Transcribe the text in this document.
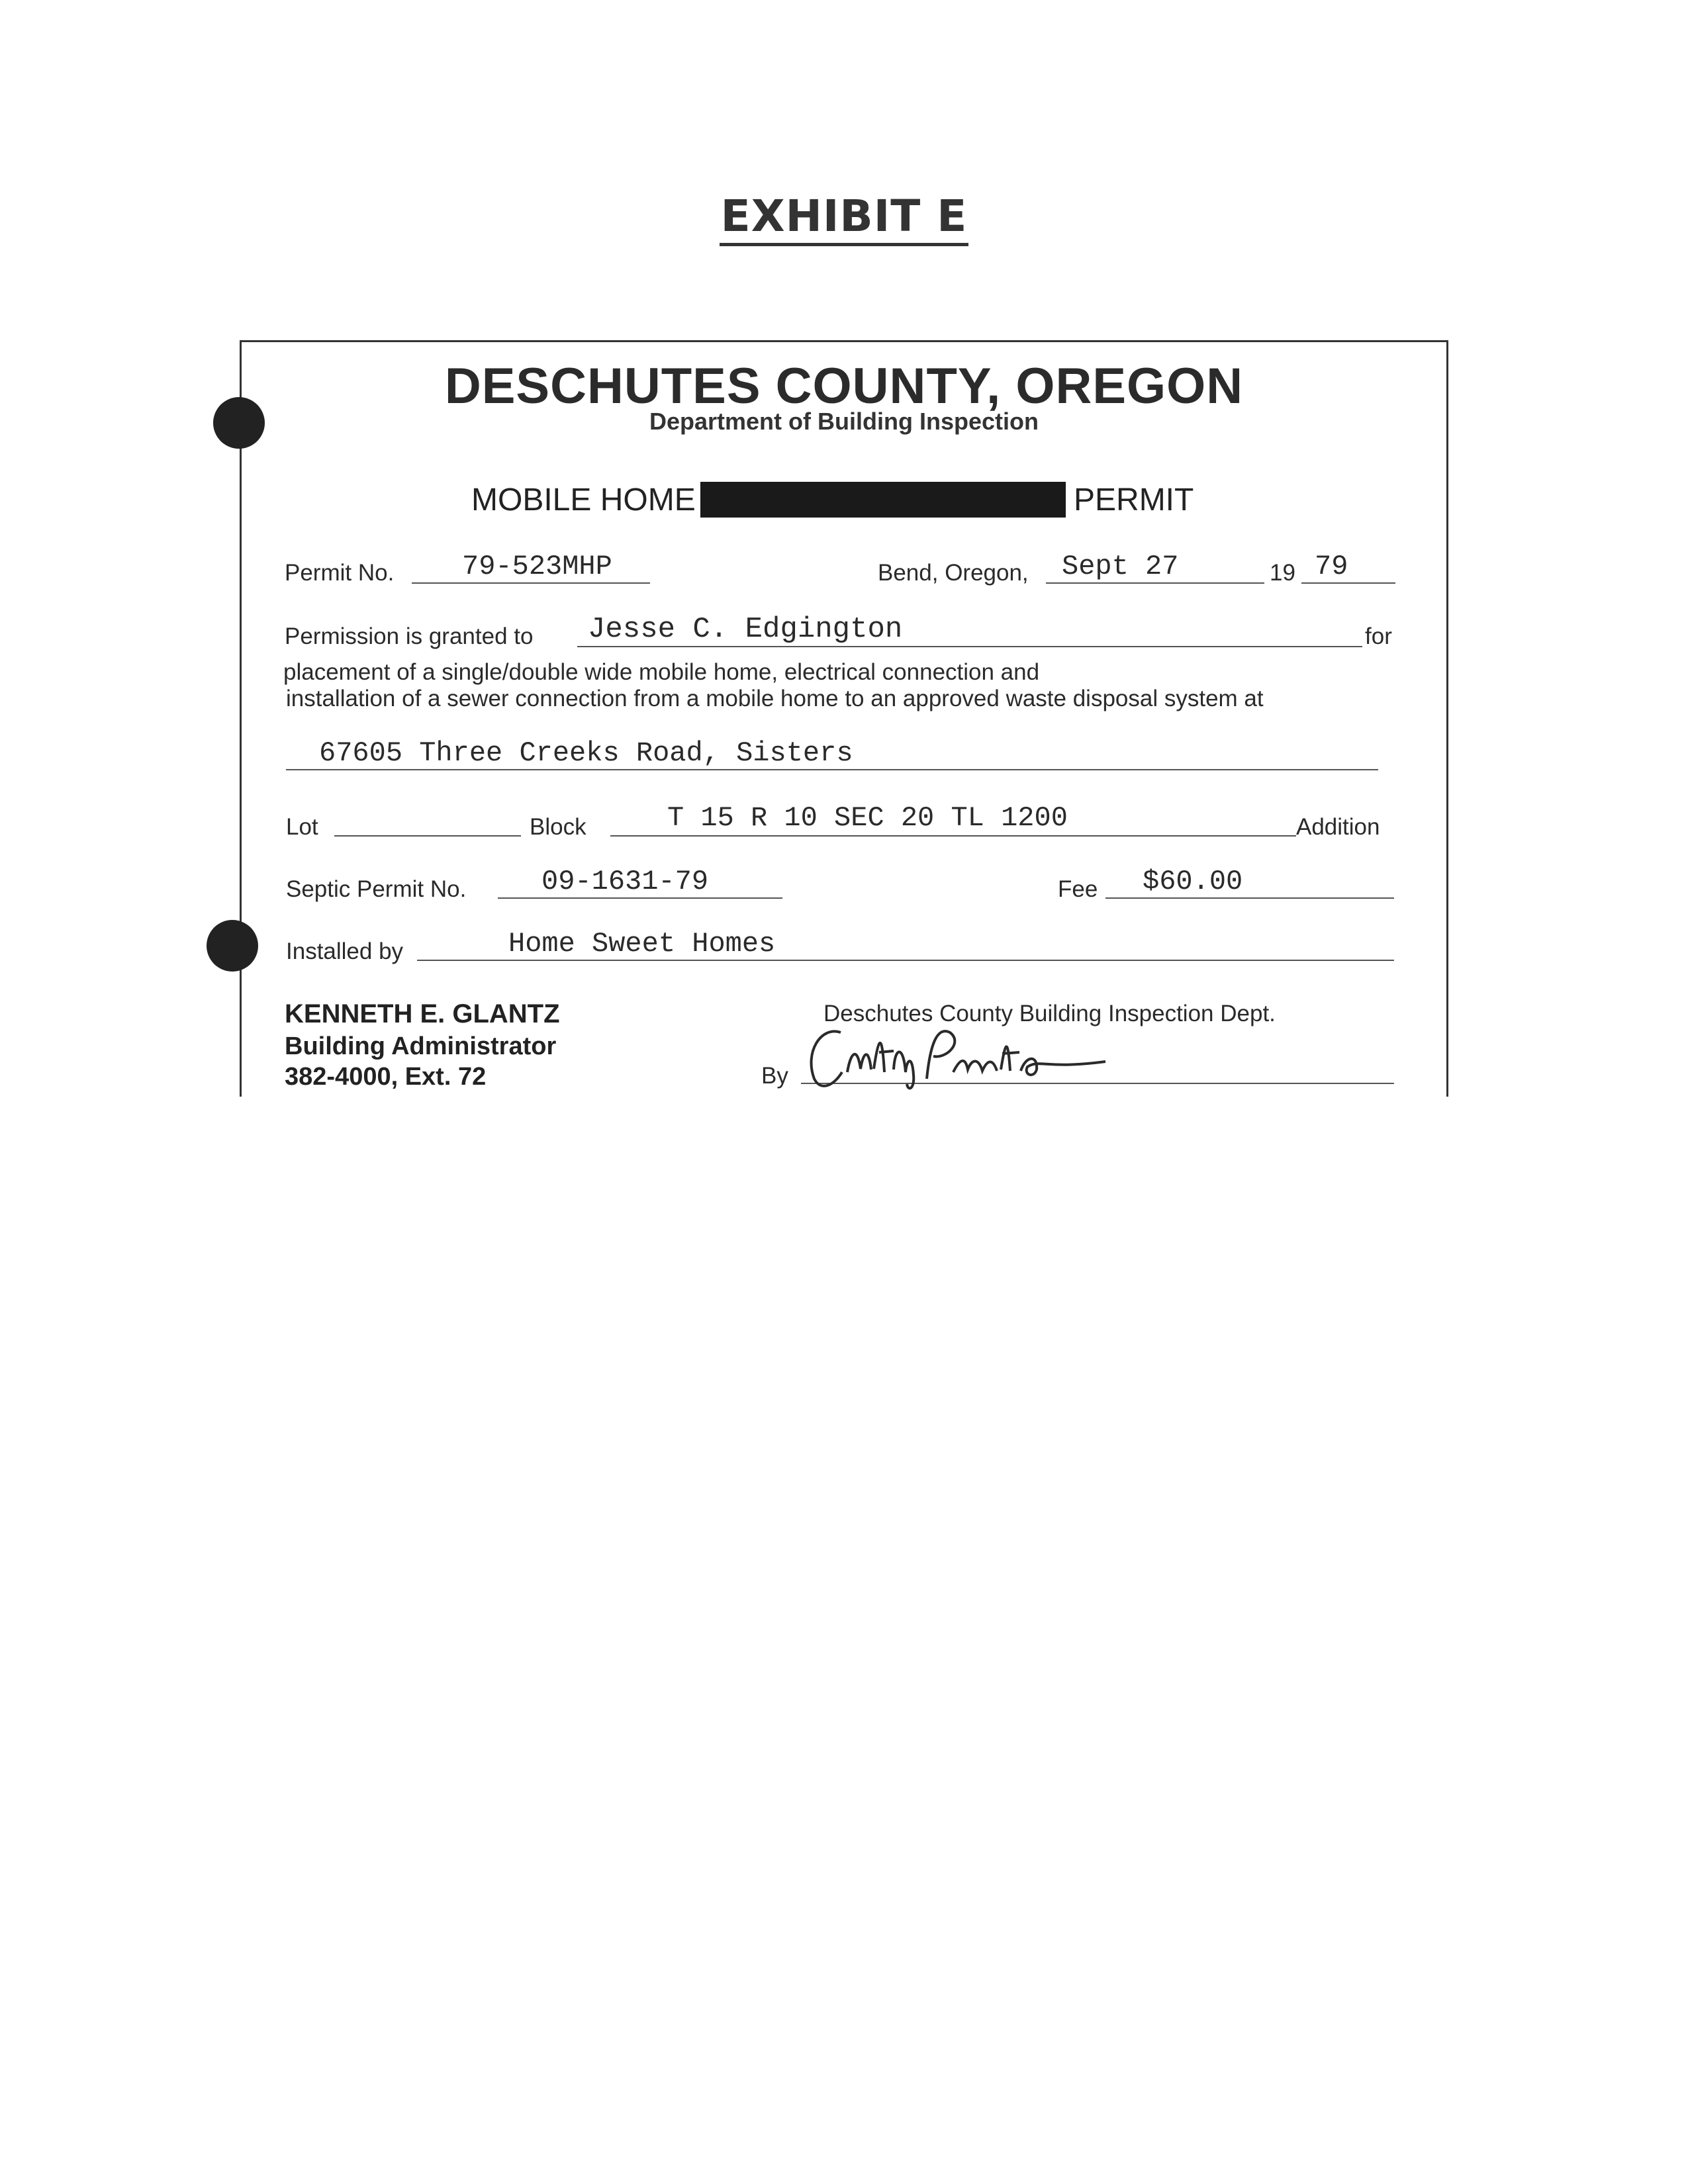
EXHIBIT E
DESCHUTES COUNTY, OREGON
Department of Building Inspection
MOBILE HOME	PERMIT
Permit No. 79-523MHP	Bend, Oregon, Sept 27	19 79
Permission is granted to Jesse C. Edgington	for
placement of a single/double wide mobile home, electrical connection and
installation of a sewer connection from a mobile home to an approved waste disposal system at
67605 Three Creeks Road, Sisters
Lot	Block	T 15 R 10 SEC 20 TL 1200	Addition
Septic Permit No.	09-1631-79	Fee $60.00
Installed by	Home Sweet Homes
KENNETH E. GLANTZ
Building Administrator
382-4000, Ext. 72
Deschutes County Building Inspection Dept.
By
